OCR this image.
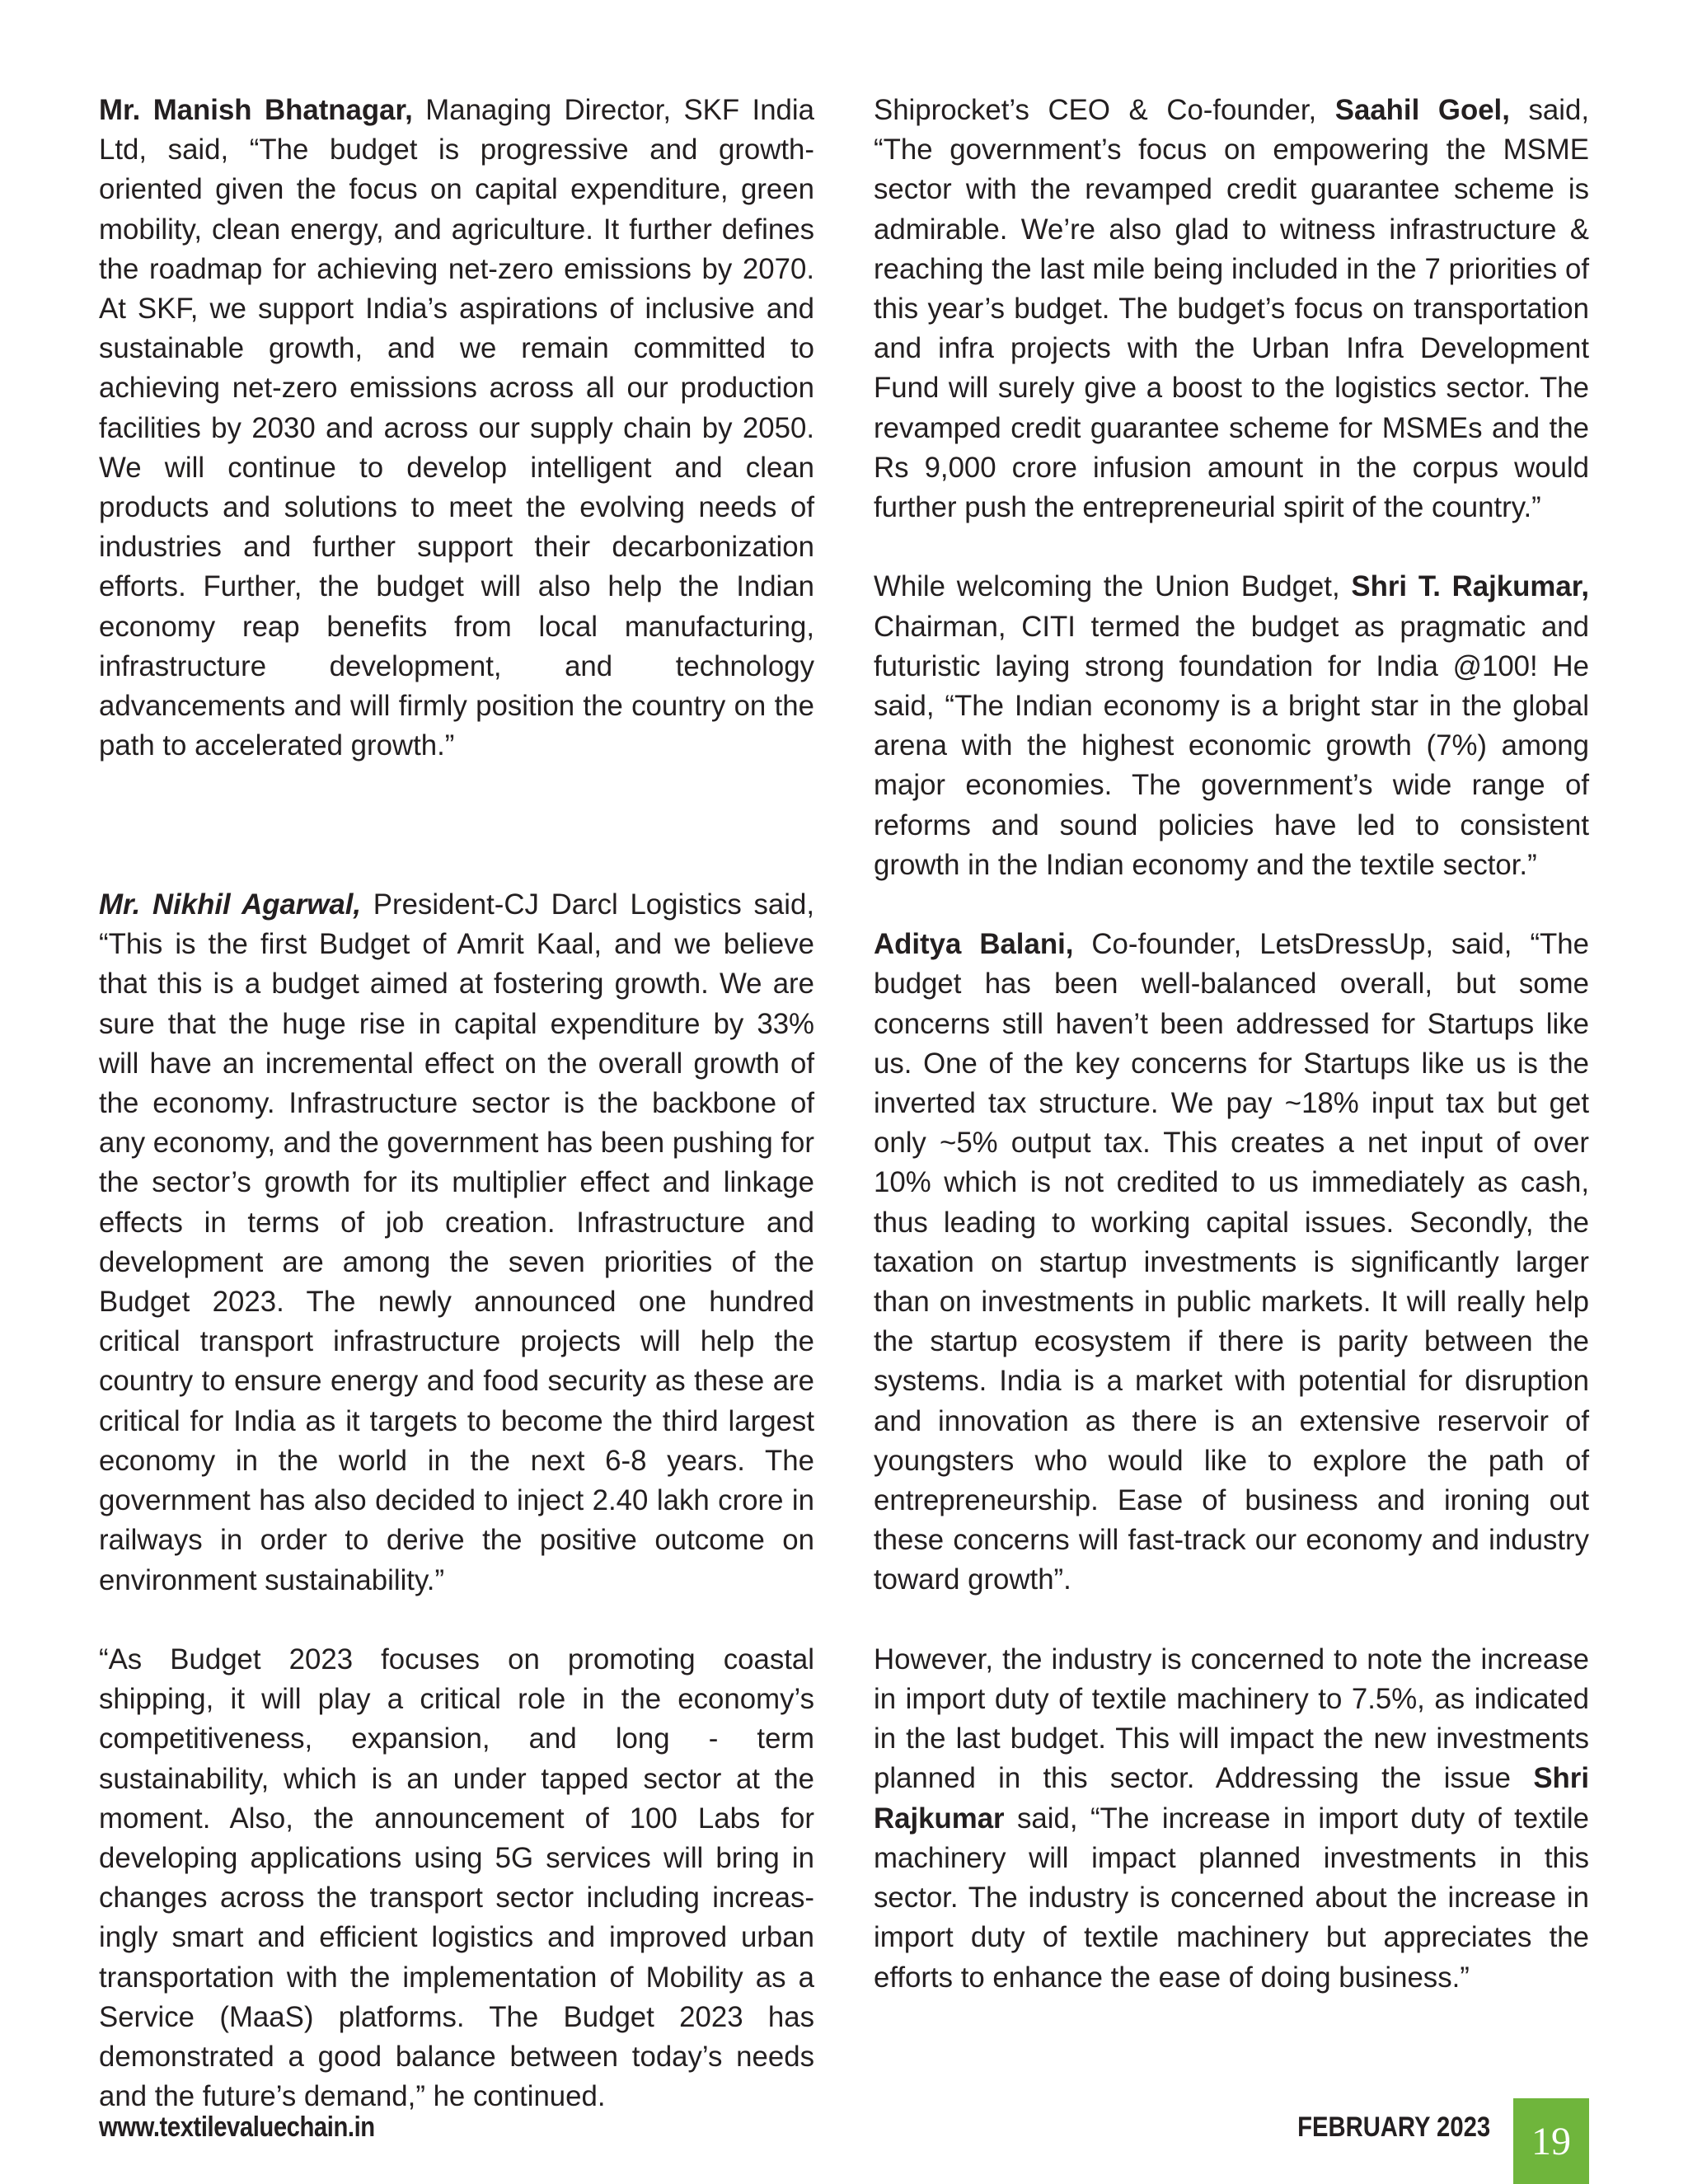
Mr. Manish Bhatnagar, Managing Director, SKF India Ltd, said, “The budget is progressive and growth-oriented given the focus on capital expenditure, green mobility, clean energy, and agriculture. It further defines the roadmap for achieving net-zero emissions by 2070. At SKF, we support India’s aspirations of inclusive and sustainable growth, and we remain committed to achieving net-zero emissions across all our production facilities by 2030 and across our supply chain by 2050. We will continue to develop intelligent and clean products and solutions to meet the evolving needs of industries and further support their decarbonization efforts. Further, the budget will also help the Indian economy reap benefits from local manufacturing, infrastructure development, and technology advancements and will firmly position the country on the path to accelerated growth.”

Mr. Nikhil Agarwal, President-CJ Darcl Logistics said, “This is the first Budget of Amrit Kaal, and we believe that this is a budget aimed at fostering growth. We are sure that the huge rise in capital expenditure by 33% will have an incremental effect on the overall growth of the economy. Infrastructure sector is the backbone of any economy, and the government has been pushing for the sector’s growth for its multiplier effect and linkage effects in terms of job creation. Infrastructure and development are among the seven priorities of the Budget 2023. The newly announced one hundred critical transport infrastructure projects will help the country to ensure energy and food security as these are critical for India as it targets to become the third largest economy in the world in the next 6-8 years. The government has also decided to inject 2.40 lakh crore in railways in order to derive the positive outcome on environment sustainability.”

“As Budget 2023 focuses on promoting coastal shipping, it will play a critical role in the economy’s competitiveness, expansion, and long - term sustainability, which is an under tapped sector at the moment. Also, the announcement of 100 Labs for developing applications using 5G services will bring in changes across the transport sector including increasingly smart and efficient logistics and improved urban transportation with the implementation of Mobility as a Service (MaaS) platforms. The Budget 2023 has demonstrated a good balance between today’s needs and the future’s demand,” he continued.

Shiprocket’s CEO & Co-founder, Saahil Goel, said, “The government’s focus on empowering the MSME sector with the revamped credit guarantee scheme is admirable. We’re also glad to witness infrastructure & reaching the last mile being included in the 7 priorities of this year’s budget. The budget’s focus on transportation and infra projects with the Urban Infra Development Fund will surely give a boost to the logistics sector. The revamped credit guarantee scheme for MSMEs and the Rs 9,000 crore infusion amount in the corpus would further push the entrepreneurial spirit of the country.”

While welcoming the Union Budget, Shri T. Rajkumar, Chairman, CITI termed the budget as pragmatic and futuristic laying strong foundation for India @100! He said, “The Indian economy is a bright star in the global arena with the highest economic growth (7%) among major economies. The government’s wide range of reforms and sound policies have led to consistent growth in the Indian economy and the textile sector.”

Aditya Balani, Co-founder, LetsDressUp, said, “The budget has been well-balanced overall, but some concerns still haven’t been addressed for Startups like us. One of the key concerns for Startups like us is the inverted tax structure. We pay ~18% input tax but get only ~5% output tax. This creates a net input of over 10% which is not credited to us immediately as cash, thus leading to working capital issues. Secondly, the taxation on startup investments is significantly larger than on investments in public markets. It will really help the startup ecosystem if there is parity between the systems. India is a market with potential for disruption and innovation as there is an extensive reservoir of youngsters who would like to explore the path of entrepreneurship. Ease of business and ironing out these concerns will fast-track our economy and industry toward growth”.

However, the industry is concerned to note the increase in import duty of textile machinery to 7.5%, as indicated in the last budget. This will impact the new investments planned in this sector. Addressing the issue Shri Rajkumar said, “The increase in import duty of textile machinery will impact planned investments in this sector. The industry is concerned about the increase in import duty of textile machinery but appreciates the efforts to enhance the ease of doing business.”

www.textilevaluechain.in	FEBRUARY 2023 19
